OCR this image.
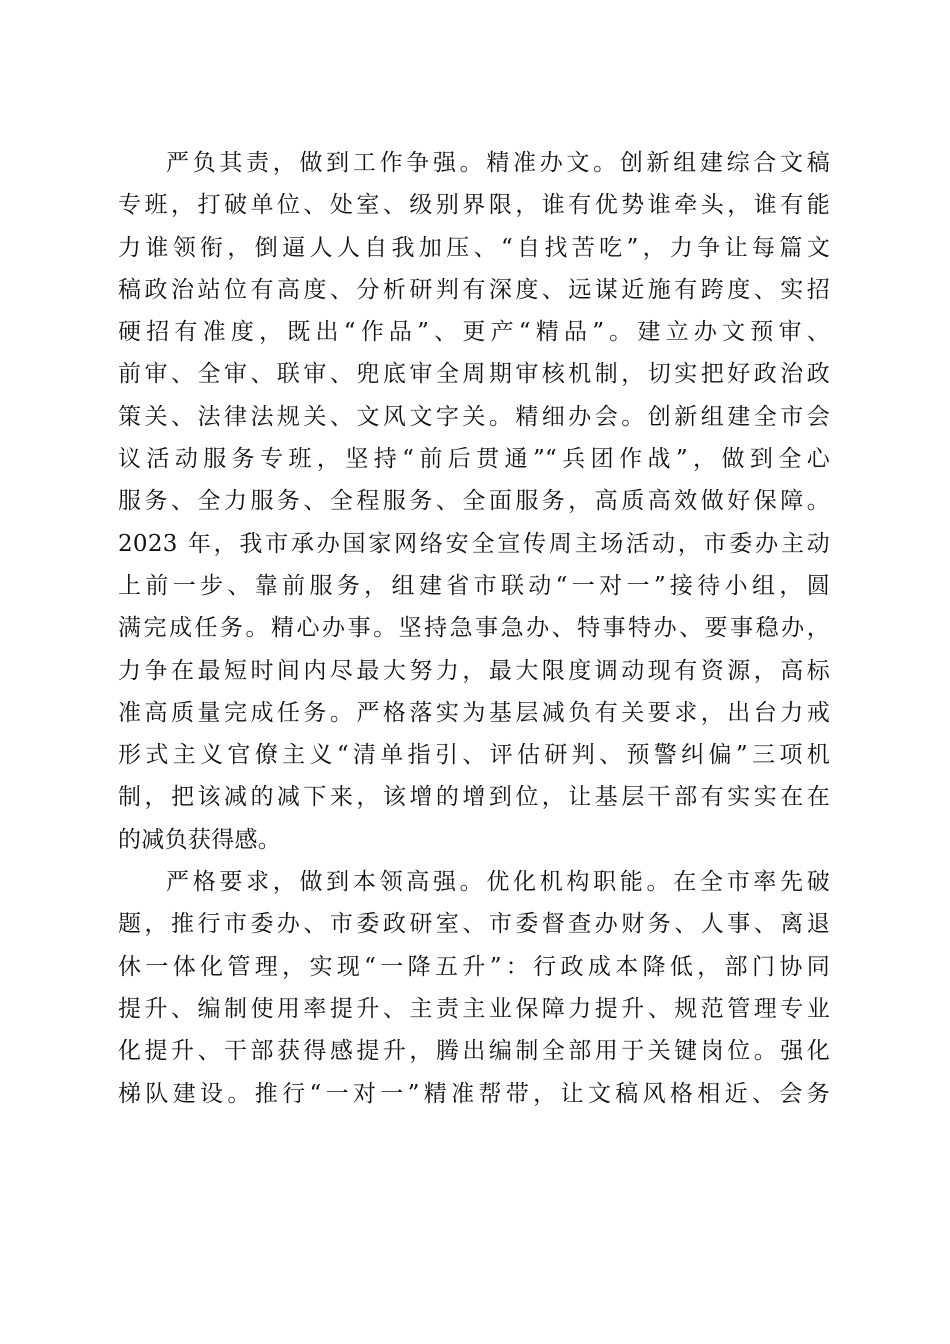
严负其责，做到工作争强。精准办文。创新组建综合文稿
专班，打破单位、处室、级别界限，谁有优势谁牵头，谁有能
力谁领衔，倒逼人人自我加压、“自找苦吃”，力争让每篇文
稿政治站位有高度、分析研判有深度、远谋近施有跨度、实招
硬招有准度，既出“作品”、更产“精品”。建立办文预审、
前审、全审、联审、兜底审全周期审核机制，切实把好政治政
策关、法律法规关、文风文字关。精细办会。创新组建全市会
议活动服务专班，坚持“前后贯通”“兵团作战”，做到全心
服务、全力服务、全程服务、全面服务，高质高效做好保障。
2023 年，我市承办国家网络安全宣传周主场活动，市委办主动
上前一步、靠前服务，组建省市联动“一对一”接待小组，圆
满完成任务。精心办事。坚持急事急办、特事特办、要事稳办，
力争在最短时间内尽最大努力，最大限度调动现有资源，高标
准高质量完成任务。严格落实为基层减负有关要求，出台力戒
形式主义官僚主义“清单指引、评估研判、预警纠偏”三项机
制，把该减的减下来，该增的增到位，让基层干部有实实在在
的减负获得感。
严格要求，做到本领高强。优化机构职能。在全市率先破
题，推行市委办、市委政研室、市委督查办财务、人事、离退
休一体化管理，实现“一降五升”：行政成本降低，部门协同
提升、编制使用率提升、主责主业保障力提升、规范管理专业
化提升、干部获得感提升，腾出编制全部用于关键岗位。强化
梯队建设。推行“一对一”精准帮带，让文稿风格相近、会务
